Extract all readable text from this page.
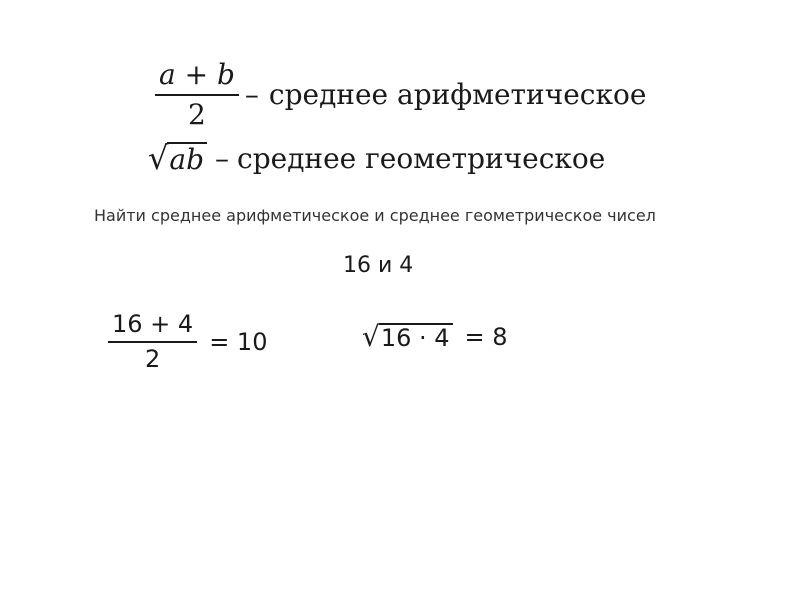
$\frac{a + b}{2}$ – среднее арифметическое
√ ab – среднее геометрическое
Найти среднее арифметическое и среднее геометрическое чисел
16 и 4
$\frac{16 + 4}{2} = 10$	√ 16 · 4 = 8
